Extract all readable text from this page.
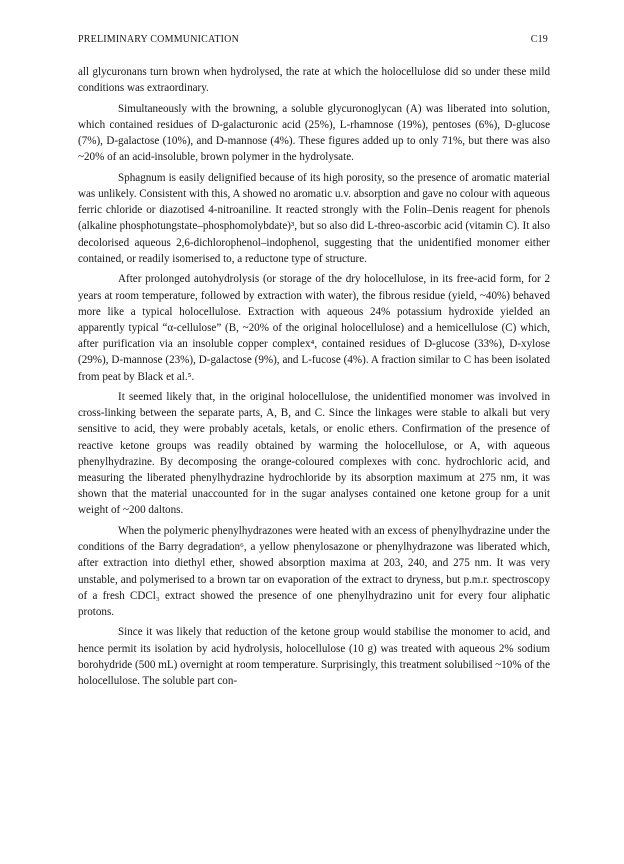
PRELIMINARY COMMUNICATION	C19

all glycuronans turn brown when hydrolysed, the rate at which the holocellulose did so under these mild conditions was extraordinary.

Simultaneously with the browning, a soluble glycuronoglycan (A) was liberated into solution, which contained residues of D-galacturonic acid (25%), L-rhamnose (19%), pentoses (6%), D-glucose (7%), D-galactose (10%), and D-mannose (4%). These figures added up to only 71%, but there was also ~20% of an acid-insoluble, brown polymer in the hydrolysate.

Sphagnum is easily delignified because of its high porosity, so the presence of aromatic material was unlikely. Consistent with this, A showed no aromatic u.v. absorption and gave no colour with aqueous ferric chloride or diazotised 4-nitroaniline. It reacted strongly with the Folin–Denis reagent for phenols (alkaline phosphotungstate–phosphomolybdate)³, but so also did L-threo-ascorbic acid (vitamin C). It also decolorised aqueous 2,6-dichlorophenol–indophenol, suggesting that the unidentified monomer either contained, or readily isomerised to, a reductone type of structure.

After prolonged autohydrolysis (or storage of the dry holocellulose, in its free-acid form, for 2 years at room temperature, followed by extraction with water), the fibrous residue (yield, ~40%) behaved more like a typical holocellulose. Extraction with aqueous 24% potassium hydroxide yielded an apparently typical “α-cellulose” (B, ~20% of the original holocellulose) and a hemicellulose (C) which, after purification via an insoluble copper complex⁴, contained residues of D-glucose (33%), D-xylose (29%), D-mannose (23%), D-galactose (9%), and L-fucose (4%). A fraction similar to C has been isolated from peat by Black et al.⁵.

It seemed likely that, in the original holocellulose, the unidentified monomer was involved in cross-linking between the separate parts, A, B, and C. Since the linkages were stable to alkali but very sensitive to acid, they were probably acetals, ketals, or enolic ethers. Confirmation of the presence of reactive ketone groups was readily obtained by warming the holocellulose, or A, with aqueous phenylhydrazine. By decomposing the orange-coloured complexes with conc. hydrochloric acid, and measuring the liberated phenylhydrazine hydrochloride by its absorption maximum at 275 nm, it was shown that the material unaccounted for in the sugar analyses contained one ketone group for a unit weight of ~200 daltons.

When the polymeric phenylhydrazones were heated with an excess of phenylhydrazine under the conditions of the Barry degradation⁶, a yellow phenylosazone or phenylhydrazone was liberated which, after extraction into diethyl ether, showed absorption maxima at 203, 240, and 275 nm. It was very unstable, and polymerised to a brown tar on evaporation of the extract to dryness, but p.m.r. spectroscopy of a fresh CDCl₃ extract showed the presence of one phenylhydrazino unit for every four aliphatic protons.

Since it was likely that reduction of the ketone group would stabilise the monomer to acid, and hence permit its isolation by acid hydrolysis, holocellulose (10 g) was treated with aqueous 2% sodium borohydride (500 mL) overnight at room temperature. Surprisingly, this treatment solubilised ~10% of the holocellulose. The soluble part con-
